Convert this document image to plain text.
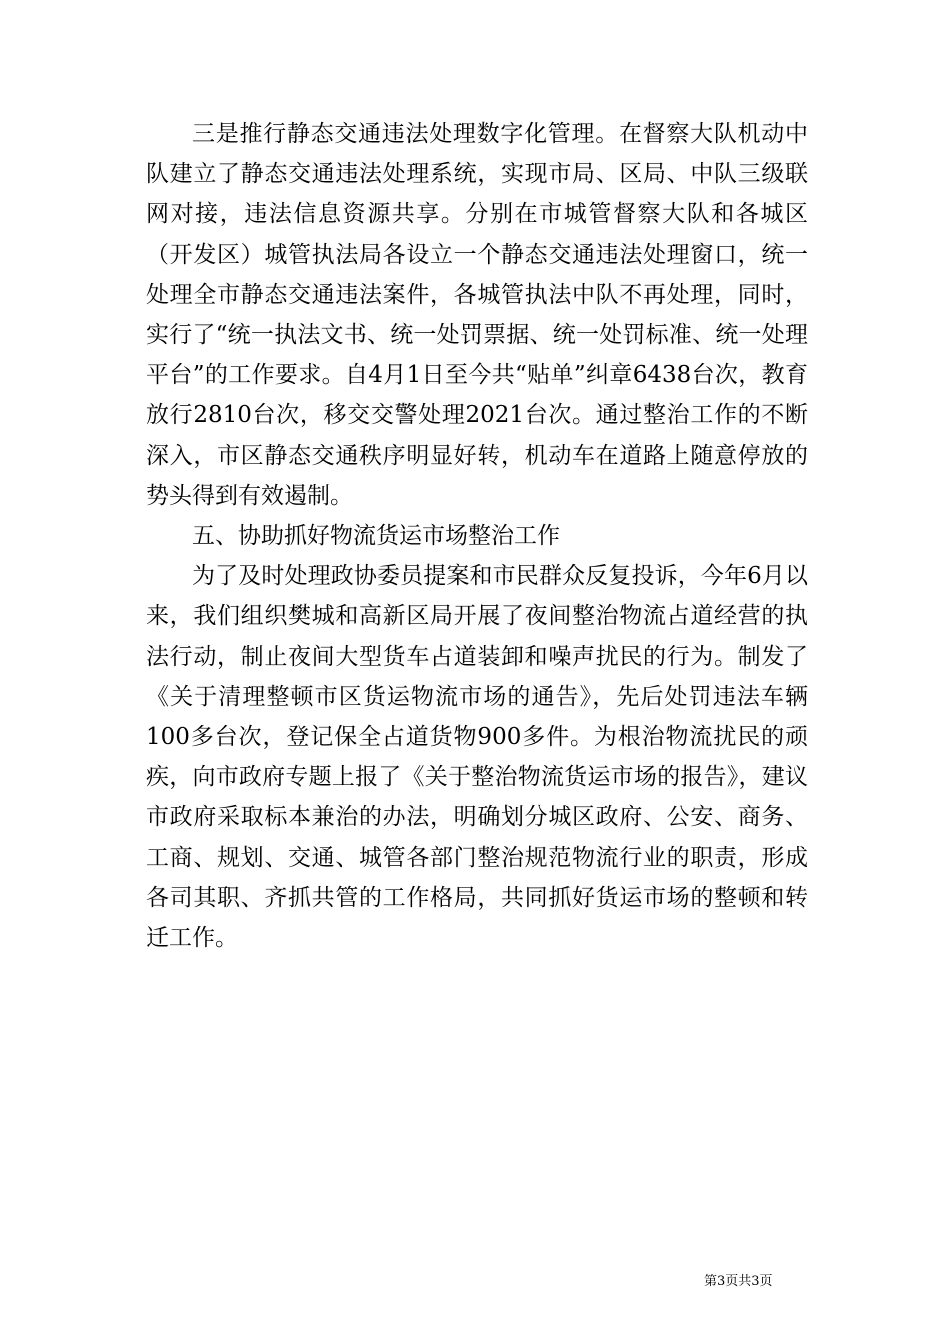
三是推行静态交通违法处理数字化管理。在督察大队机动中队建立了静态交通违法处理系统，实现市局、区局、中队三级联网对接，违法信息资源共享。分别在市城管督察大队和各城区（开发区）城管执法局各设立一个静态交通违法处理窗口，统一处理全市静态交通违法案件，各城管执法中队不再处理，同时，实行了“统一执法文书、统一处罚票据、统一处罚标准、统一处理平台”的工作要求。自4月1日至今共“贴单”纠章6438台次，教育放行2810台次，移交交警处理2021台次。通过整治工作的不断深入，市区静态交通秩序明显好转，机动车在道路上随意停放的势头得到有效遏制。

五、协助抓好物流货运市场整治工作

为了及时处理政协委员提案和市民群众反复投诉，今年6月以来，我们组织樊城和高新区局开展了夜间整治物流占道经营的执法行动，制止夜间大型货车占道装卸和噪声扰民的行为。制发了《关于清理整顿市区货运物流市场的通告》，先后处罚违法车辆100多台次，登记保全占道货物900多件。为根治物流扰民的顽疾，向市政府专题上报了《关于整治物流货运市场的报告》，建议市政府采取标本兼治的办法，明确划分城区政府、公安、商务、工商、规划、交通、城管各部门整治规范物流行业的职责，形成各司其职、齐抓共管的工作格局，共同抓好货运市场的整顿和转迁工作。

第3页共3页
